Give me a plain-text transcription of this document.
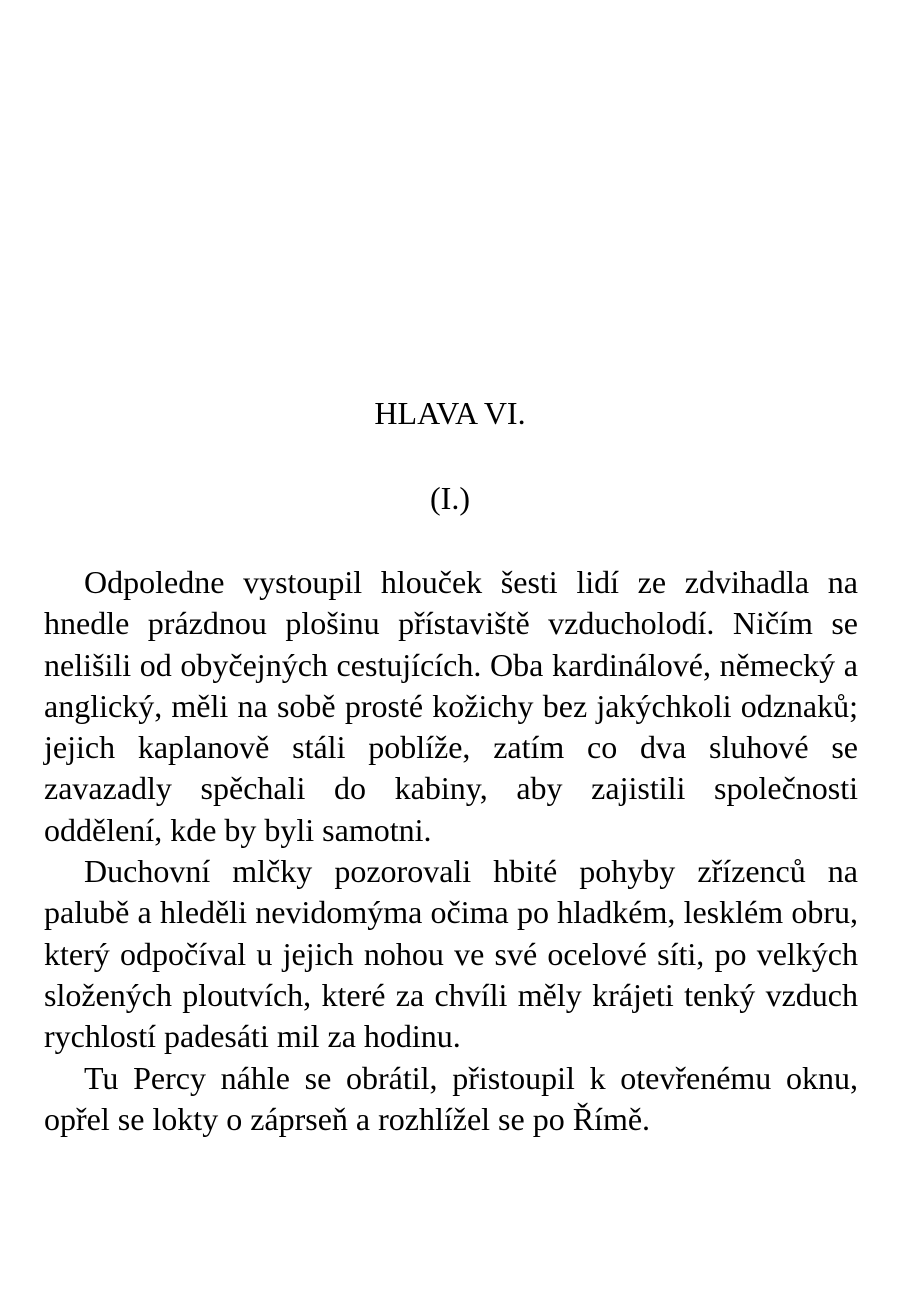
HLAVA VI.
(I.)

Odpoledne vystoupil hlouček šesti lidí ze zdvihadla na hnedle prázdnou plošinu přístaviště vzducholodí. Ničím se nelišili od obyčejných cestujících. Oba kardinálové, německý a anglický, měli na sobě prosté kožichy bez jakýchkoli odznaků; jejich kaplanově stáli poblíže, zatím co dva sluhové se zavazadly spěchali do kabiny, aby zajistili společnosti oddělení, kde by byli samotni.

Duchovní mlčky pozorovali hbité pohyby zřízenců na palubě a hleděli nevidomýma očima po hladkém, lesklém obru, který odpočíval u jejich nohou ve své ocelové síti, po velkých složených ploutvích, které za chvíli měly krájeti tenký vzduch rychlostí padesáti mil za hodinu.

Tu Percy náhle se obrátil, přistoupil k otevřenému oknu, opřel se lokty o záprseň a rozhlížel se po Římě.
